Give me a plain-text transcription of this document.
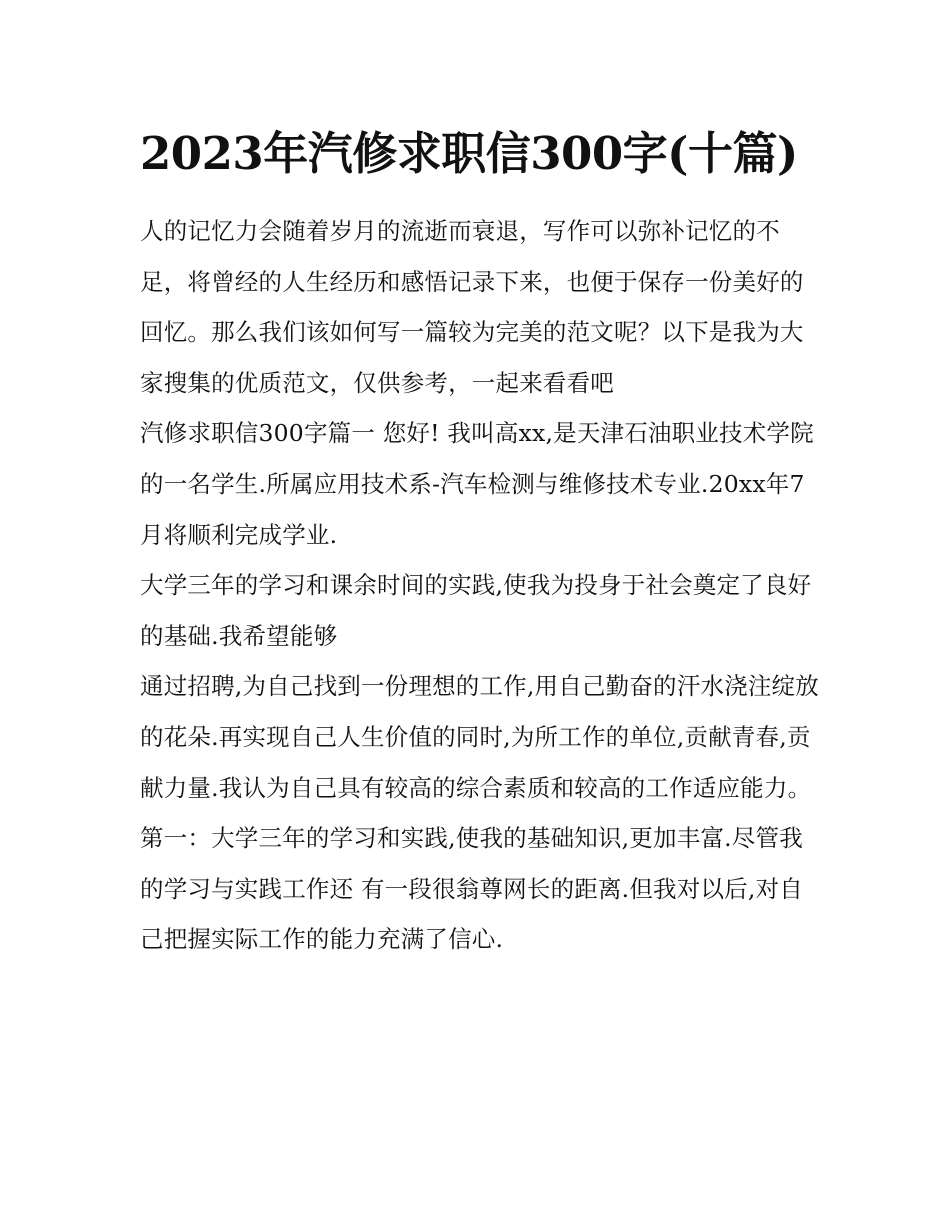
2023年汽修求职信300字(十篇)

人的记忆力会随着岁月的流逝而衰退，写作可以弥补记忆的不足，将曾经的人生经历和感悟记录下来，也便于保存一份美好的回忆。那么我们该如何写一篇较为完美的范文呢？以下是我为大家搜集的优质范文，仅供参考，一起来看看吧

汽修求职信300字篇一 您好! 我叫高xx,是天津石油职业技术学院的一名学生.所属应用技术系-汽车检测与维修技术专业.20xx年7月将顺利完成学业.

大学三年的学习和课余时间的实践,使我为投身于社会奠定了良好的基础.我希望能够

通过招聘,为自己找到一份理想的工作,用自己勤奋的汗水浇注绽放的花朵.再实现自己人生价值的同时,为所工作的单位,贡献青春,贡献力量.我认为自己具有较高的综合素质和较高的工作适应能力。

第一：大学三年的学习和实践,使我的基础知识,更加丰富.尽管我的学习与实践工作还 有一段很翁尊网长的距离.但我对以后,对自己把握实际工作的能力充满了信心.
